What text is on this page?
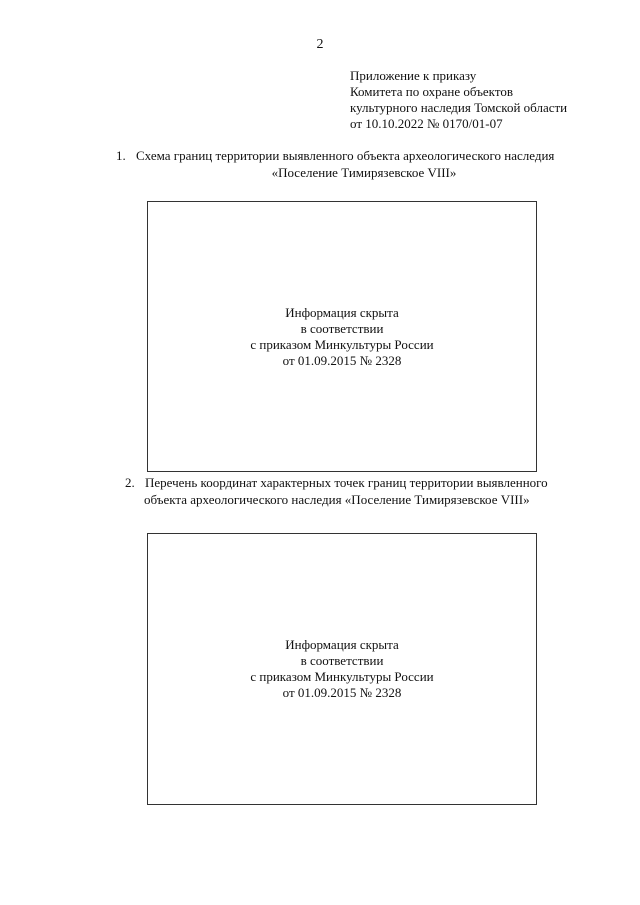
2
Приложение к приказу
Комитета по охране объектов
культурного наследия Томской области
от 10.10.2022 № 0170/01-07
1. Схема границ территории выявленного объекта археологического наследия
«Поселение Тимирязевское VIII»
Информация скрыта
в соответствии
с приказом Минкультуры России
от 01.09.2015 № 2328
2. Перечень координат характерных точек границ территории выявленного
объекта археологического наследия «Поселение Тимирязевское VIII»
Информация скрыта
в соответствии
с приказом Минкультуры России
от 01.09.2015 № 2328
